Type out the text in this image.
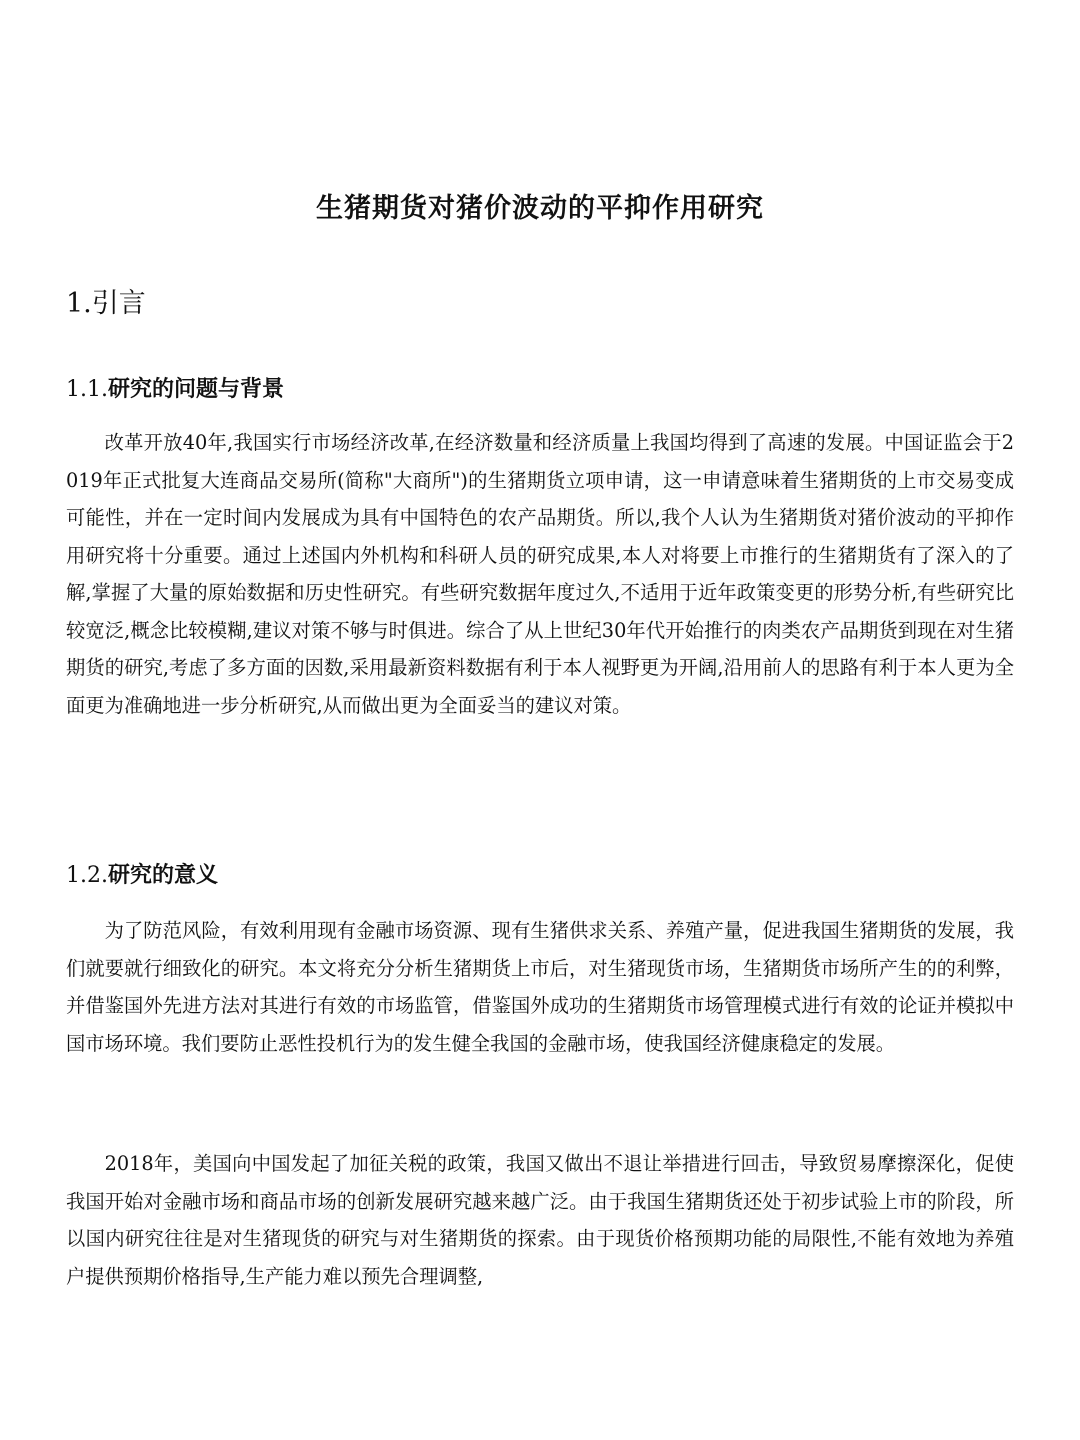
生猪期货对猪价波动的平抑作用研究
1.引言
1.1.研究的问题与背景

改革开放40年,我国实行市场经济改革,在经济数量和经济质量上我国均得到了高速的发展。中国证监会于2019年正式批复大连商品交易所(简称"大商所")的生猪期货立项申请，这一申请意味着生猪期货的上市交易变成可能性，并在一定时间内发展成为具有中国特色的农产品期货。所以,我个人认为生猪期货对猪价波动的平抑作用研究将十分重要。通过上述国内外机构和科研人员的研究成果,本人对将要上市推行的生猪期货有了深入的了解,掌握了大量的原始数据和历史性研究。有些研究数据年度过久,不适用于近年政策变更的形势分析,有些研究比较宽泛,概念比较模糊,建议对策不够与时俱进。综合了从上世纪30年代开始推行的肉类农产品期货到现在对生猪期货的研究,考虑了多方面的因数,采用最新资料数据有利于本人视野更为开阔,沿用前人的思路有利于本人更为全面更为准确地进一步分析研究,从而做出更为全面妥当的建议对策。

1.2.研究的意义

为了防范风险，有效利用现有金融市场资源、现有生猪供求关系、养殖产量，促进我国生猪期货的发展，我们就要就行细致化的研究。本文将充分分析生猪期货上市后，对生猪现货市场，生猪期货市场所产生的的利弊，并借鉴国外先进方法对其进行有效的市场监管，借鉴国外成功的生猪期货市场管理模式进行有效的论证并模拟中国市场环境。我们要防止恶性投机行为的发生健全我国的金融市场，使我国经济健康稳定的发展。

2018年，美国向中国发起了加征关税的政策，我国又做出不退让举措进行回击，导致贸易摩擦深化，促使我国开始对金融市场和商品市场的创新发展研究越来越广泛。由于我国生猪期货还处于初步试验上市的阶段，所以国内研究往往是对生猪现货的研究与对生猪期货的探索。由于现货价格预期功能的局限性,不能有效地为养殖户提供预期价格指导,生产能力难以预先合理调整,
